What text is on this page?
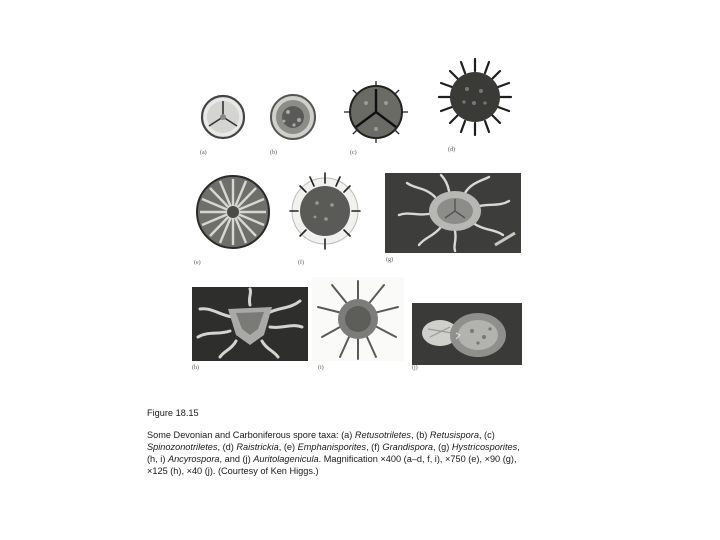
(a)	(b)	(c)	(d)
(e)	(f)	(g)
(h)	(i)	(j)

Figure 18.15

Some Devonian and Carboniferous spore taxa: (a) Retusotriletes, (b) Retusispora, (c)

Spinozonotriletes, (d) Raistrickia, (e) Emphanisporites, (f) Grandispora, (g) Hystricosporites,

(h, i) Ancyrospora, and (j) Auritolagenicula. Magnification ×400 (a–d, f, i), ×750 (e), ×90 (g),

×125 (h), ×40 (j). (Courtesy of Ken Higgs.)
